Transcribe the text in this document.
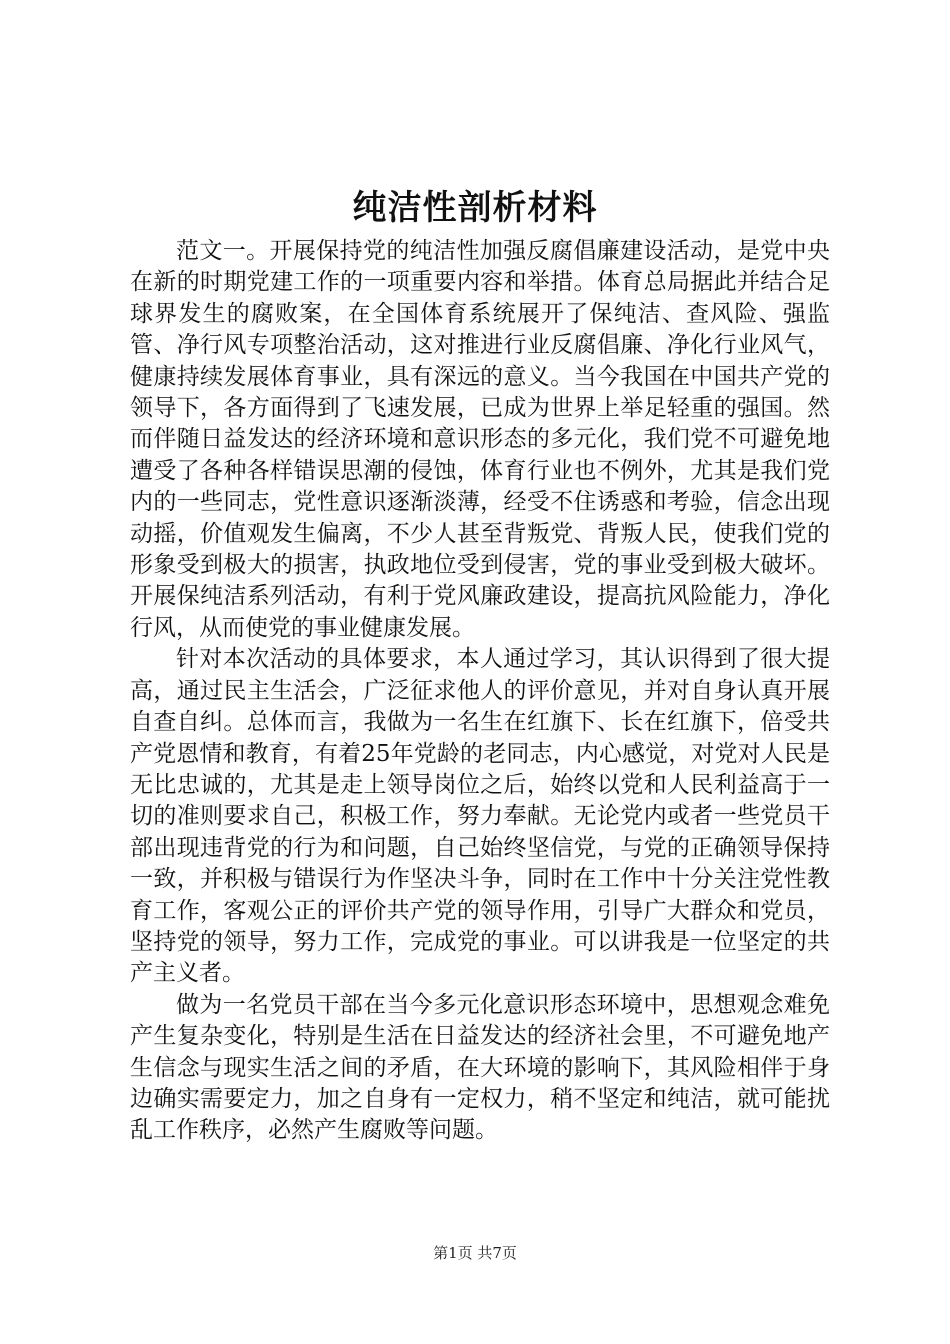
纯洁性剖析材料

范文一。开展保持党的纯洁性加强反腐倡廉建设活动，是党中央在新的时期党建工作的一项重要内容和举措。体育总局据此并结合足球界发生的腐败案，在全国体育系统展开了保纯洁、查风险、强监管、净行风专项整治活动，这对推进行业反腐倡廉、净化行业风气，健康持续发展体育事业，具有深远的意义。当今我国在中国共产党的领导下，各方面得到了飞速发展，已成为世界上举足轻重的强国。然而伴随日益发达的经济环境和意识形态的多元化，我们党不可避免地遭受了各种各样错误思潮的侵蚀，体育行业也不例外，尤其是我们党内的一些同志，党性意识逐渐淡薄，经受不住诱惑和考验，信念出现动摇，价值观发生偏离，不少人甚至背叛党、背叛人民，使我们党的形象受到极大的损害，执政地位受到侵害，党的事业受到极大破坏。开展保纯洁系列活动，有利于党风廉政建设，提高抗风险能力，净化行风，从而使党的事业健康发展。

针对本次活动的具体要求，本人通过学习，其认识得到了很大提高，通过民主生活会，广泛征求他人的评价意见，并对自身认真开展自查自纠。总体而言，我做为一名生在红旗下、长在红旗下，倍受共产党恩情和教育，有着25年党龄的老同志，内心感觉，对党对人民是无比忠诚的，尤其是走上领导岗位之后，始终以党和人民利益高于一切的准则要求自己，积极工作，努力奉献。无论党内或者一些党员干部出现违背党的行为和问题，自己始终坚信党，与党的正确领导保持一致，并积极与错误行为作坚决斗争，同时在工作中十分关注党性教育工作，客观公正的评价共产党的领导作用，引导广大群众和党员，坚持党的领导，努力工作，完成党的事业。可以讲我是一位坚定的共产主义者。

做为一名党员干部在当今多元化意识形态环境中，思想观念难免产生复杂变化，特别是生活在日益发达的经济社会里，不可避免地产生信念与现实生活之间的矛盾，在大环境的影响下，其风险相伴于身边确实需要定力，加之自身有一定权力，稍不坚定和纯洁，就可能扰乱工作秩序，必然产生腐败等问题。

第1页 共7页
